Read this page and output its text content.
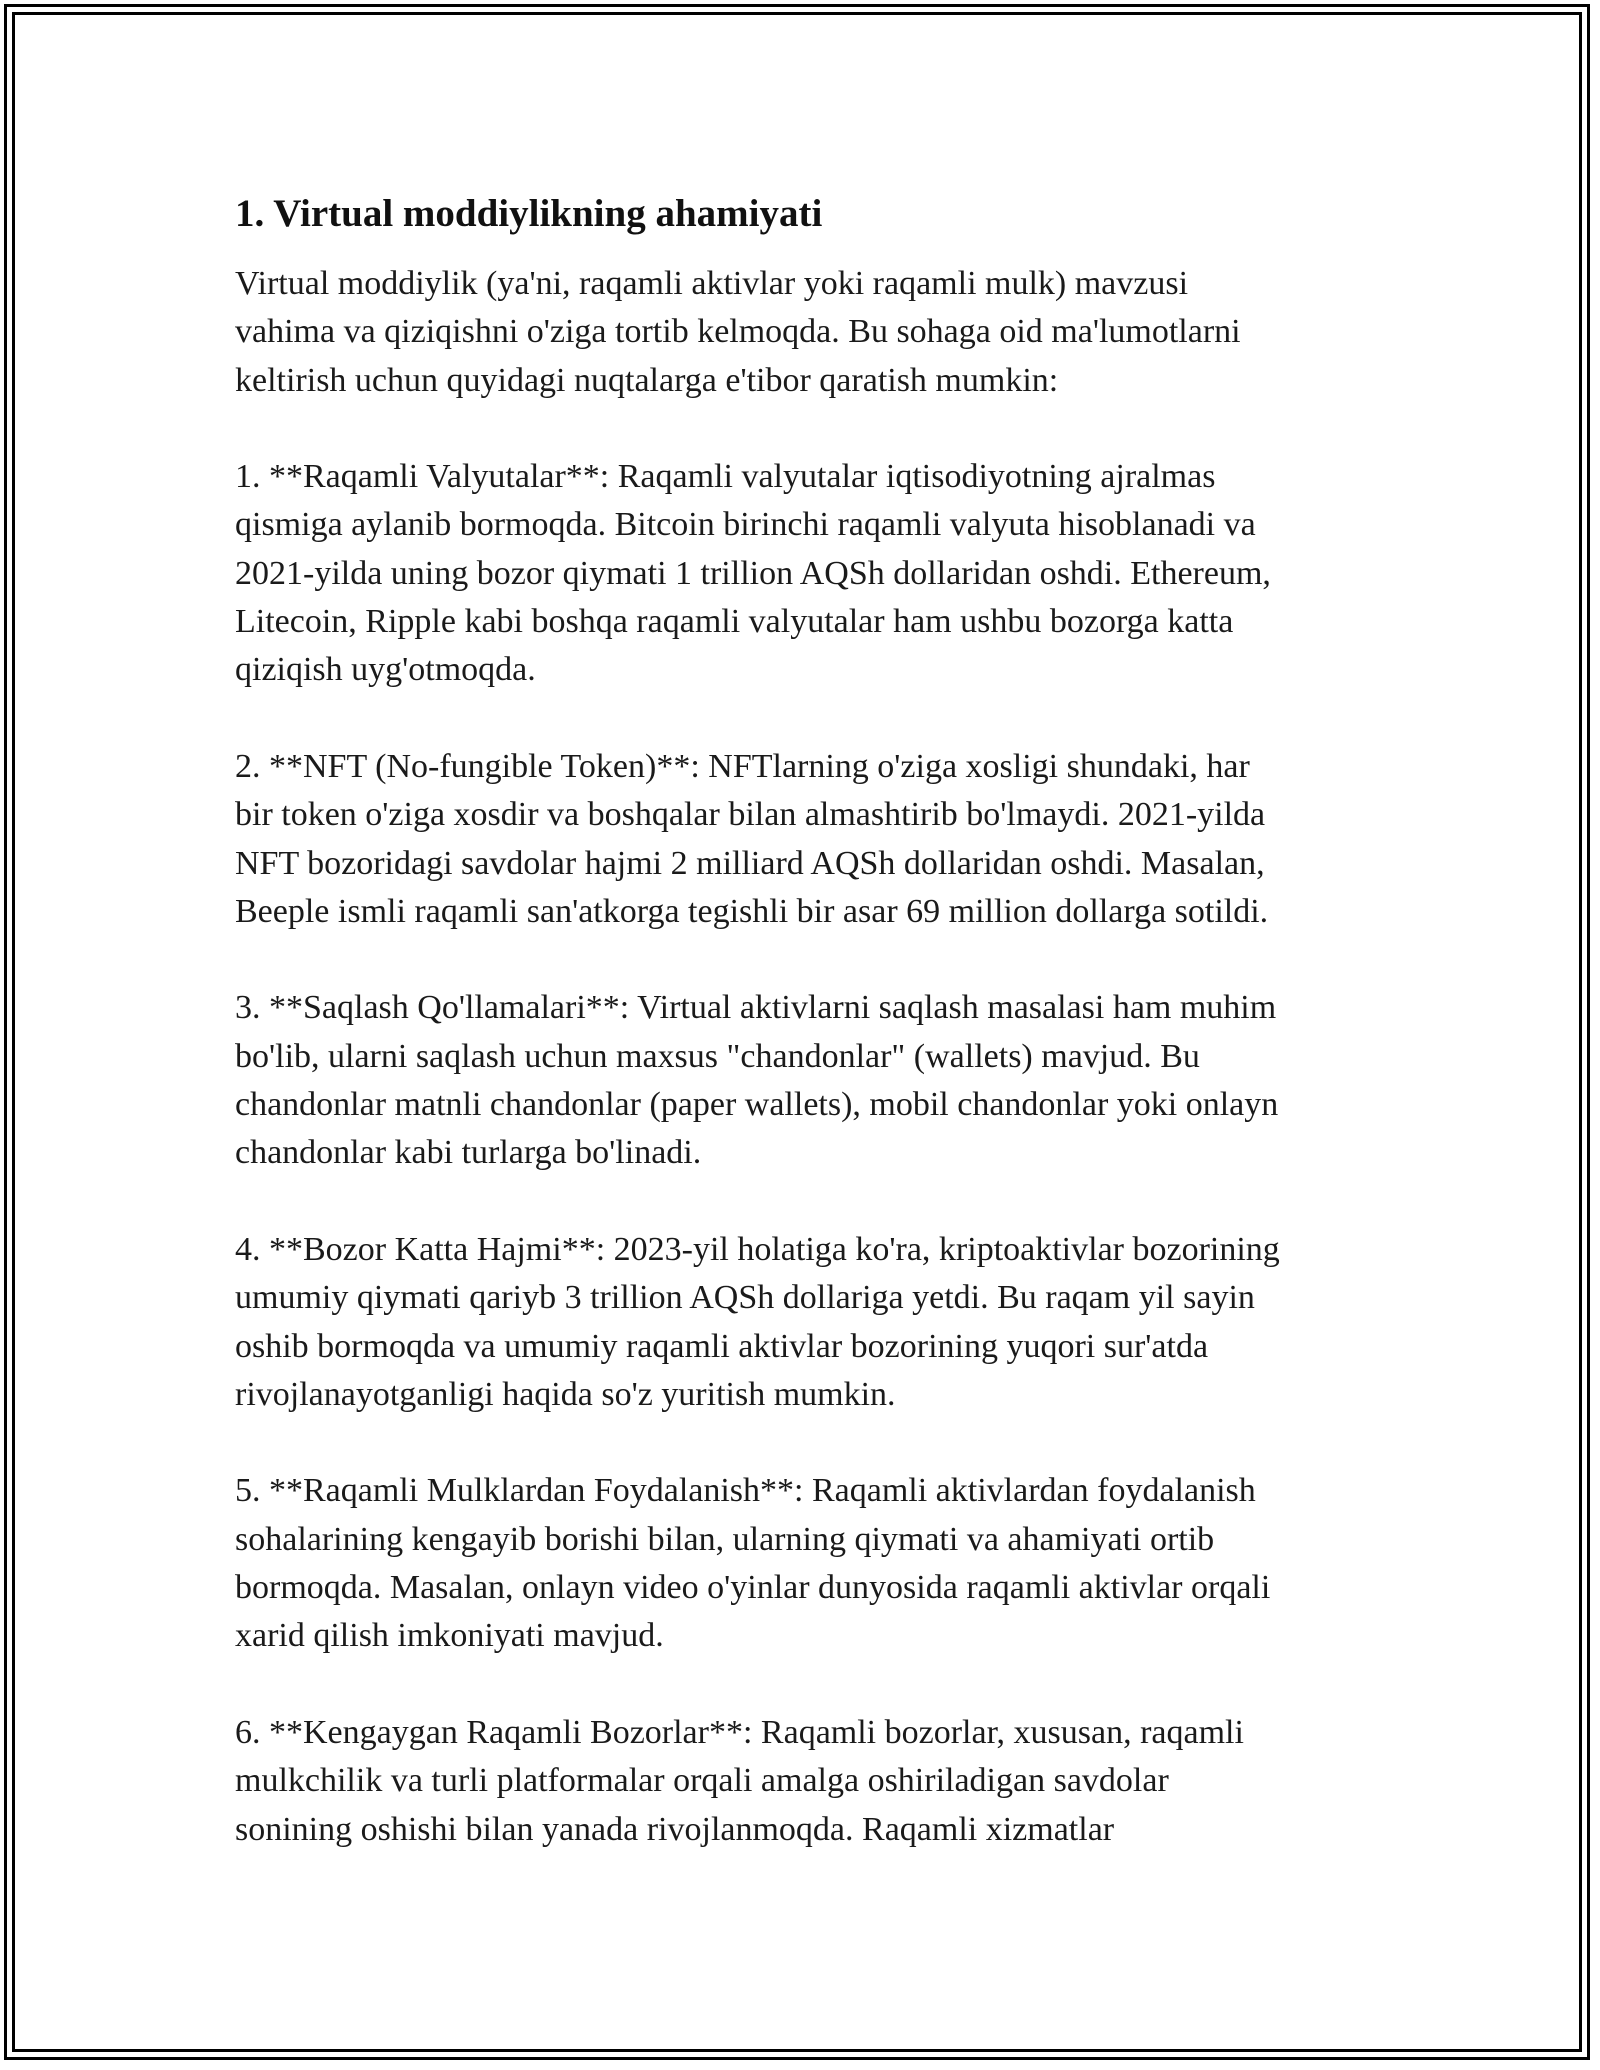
1. Virtual moddiylikning ahamiyati

Virtual moddiylik (ya'ni, raqamli aktivlar yoki raqamli mulk) mavzusi
vahima va qiziqishni o'ziga tortib kelmoqda. Bu sohaga oid ma'lumotlarni
keltirish uchun quyidagi nuqtalarga e'tibor qaratish mumkin:

1. **Raqamli Valyutalar**: Raqamli valyutalar iqtisodiyotning ajralmas
qismiga aylanib bormoqda. Bitcoin birinchi raqamli valyuta hisoblanadi va
2021-yilda uning bozor qiymati 1 trillion AQSh dollaridan oshdi. Ethereum,
Litecoin, Ripple kabi boshqa raqamli valyutalar ham ushbu bozorga katta
qiziqish uyg'otmoqda.

2. **NFT (No-fungible Token)**: NFTlarning o'ziga xosligi shundaki, har
bir token o'ziga xosdir va boshqalar bilan almashtirib bo'lmaydi. 2021-yilda
NFT bozoridagi savdolar hajmi 2 milliard AQSh dollaridan oshdi. Masalan,
Beeple ismli raqamli san'atkorga tegishli bir asar 69 million dollarga sotildi.

3. **Saqlash Qo'llamalari**: Virtual aktivlarni saqlash masalasi ham muhim
bo'lib, ularni saqlash uchun maxsus "chandonlar" (wallets) mavjud. Bu
chandonlar matnli chandonlar (paper wallets), mobil chandonlar yoki onlayn
chandonlar kabi turlarga bo'linadi.

4. **Bozor Katta Hajmi**: 2023-yil holatiga ko'ra, kriptoaktivlar bozorining
umumiy qiymati qariyb 3 trillion AQSh dollariga yetdi. Bu raqam yil sayin
oshib bormoqda va umumiy raqamli aktivlar bozorining yuqori sur'atda
rivojlanayotganligi haqida so'z yuritish mumkin.

5. **Raqamli Mulklardan Foydalanish**: Raqamli aktivlardan foydalanish
sohalarining kengayib borishi bilan, ularning qiymati va ahamiyati ortib
bormoqda. Masalan, onlayn video o'yinlar dunyosida raqamli aktivlar orqali
xarid qilish imkoniyati mavjud.

6. **Kengaygan Raqamli Bozorlar**: Raqamli bozorlar, xususan, raqamli
mulkchilik va turli platformalar orqali amalga oshiriladigan savdolar
sonining oshishi bilan yanada rivojlanmoqda. Raqamli xizmatlar
